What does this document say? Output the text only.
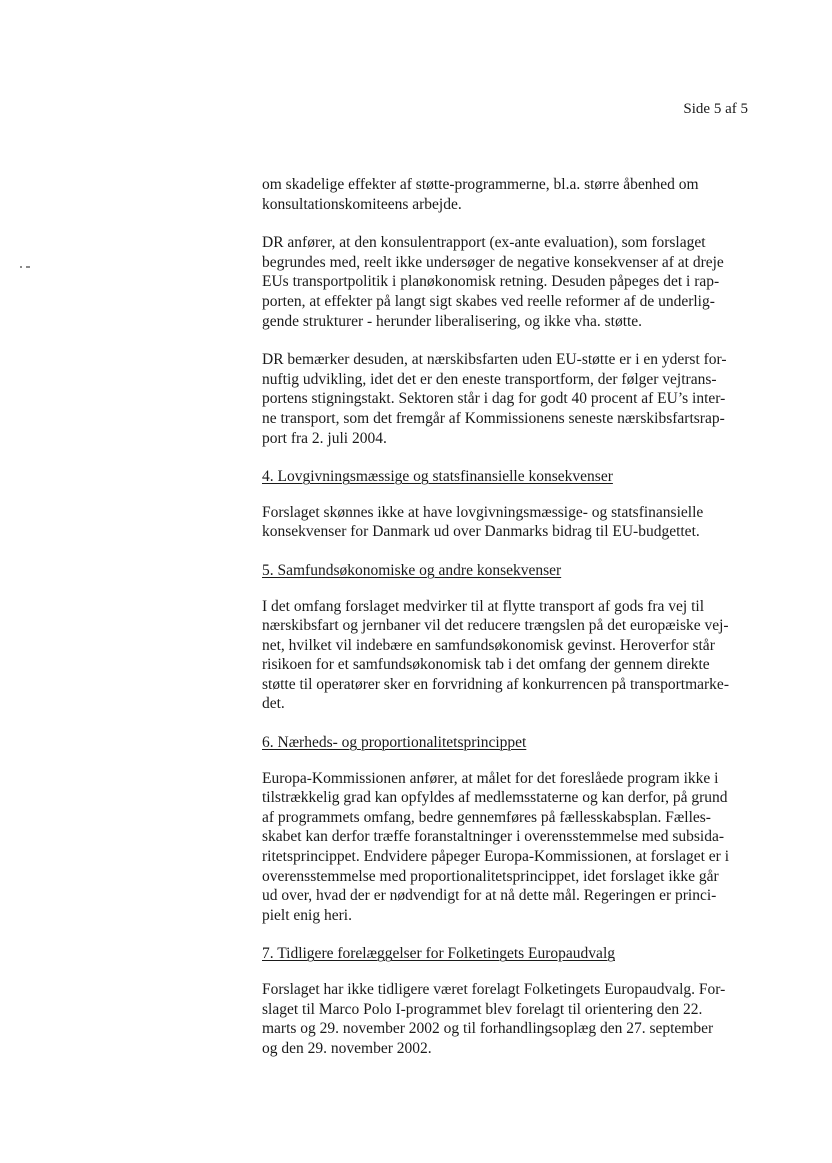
Side 5 af 5
om skadelige effekter af støtte-programmerne, bl.a. større åbenhed om
konsultationskomiteens arbejde.
DR anfører, at den konsulentrapport (ex-ante evaluation), som forslaget
begrundes med, reelt ikke undersøger de negative konsekvenser af at dreje
EUs transportpolitik i planøkonomisk retning. Desuden påpeges det i rap-
porten, at effekter på langt sigt skabes ved reelle reformer af de underlig-
gende strukturer - herunder liberalisering, og ikke vha. støtte.
DR bemærker desuden, at nærskibsfarten uden EU-støtte er i en yderst for-
nuftig udvikling, idet det er den eneste transportform, der følger vejtrans-
portens stigningstakt. Sektoren står i dag for godt 40 procent af EU’s inter-
ne transport, som det fremgår af Kommissionens seneste nærskibsfartsrap-
port fra 2. juli 2004.
4. Lovgivningsmæssige og statsfinansielle konsekvenser
Forslaget skønnes ikke at have lovgivningsmæssige- og statsfinansielle
konsekvenser for Danmark ud over Danmarks bidrag til EU-budgettet.
5. Samfundsøkonomiske og andre konsekvenser
I det omfang forslaget medvirker til at flytte transport af gods fra vej til
nærskibsfart og jernbaner vil det reducere trængslen på det europæiske vej-
net, hvilket vil indebære en samfundsøkonomisk gevinst. Heroverfor står
risikoen for et samfundsøkonomisk tab i det omfang der gennem direkte
støtte til operatører sker en forvridning af konkurrencen på transportmarke-
det.
6. Nærheds- og proportionalitetsprincippet
Europa-Kommissionen anfører, at målet for det foreslåede program ikke i
tilstrækkelig grad kan opfyldes af medlemsstaterne og kan derfor, på grund
af programmets omfang, bedre gennemføres på fællesskabsplan. Fælles-
skabet kan derfor træffe foranstaltninger i overensstemmelse med subsida-
ritetsprincippet. Endvidere påpeger Europa-Kommissionen, at forslaget er i
overensstemmelse med proportionalitetsprincippet, idet forslaget ikke går
ud over, hvad der er nødvendigt for at nå dette mål. Regeringen er princi-
pielt enig heri.
7. Tidligere forelæggelser for Folketingets Europaudvalg
Forslaget har ikke tidligere været forelagt Folketingets Europaudvalg. For-
slaget til Marco Polo I-programmet blev forelagt til orientering den 22.
marts og 29. november 2002 og til forhandlingsoplæg den 27. september
og den 29. november 2002.
